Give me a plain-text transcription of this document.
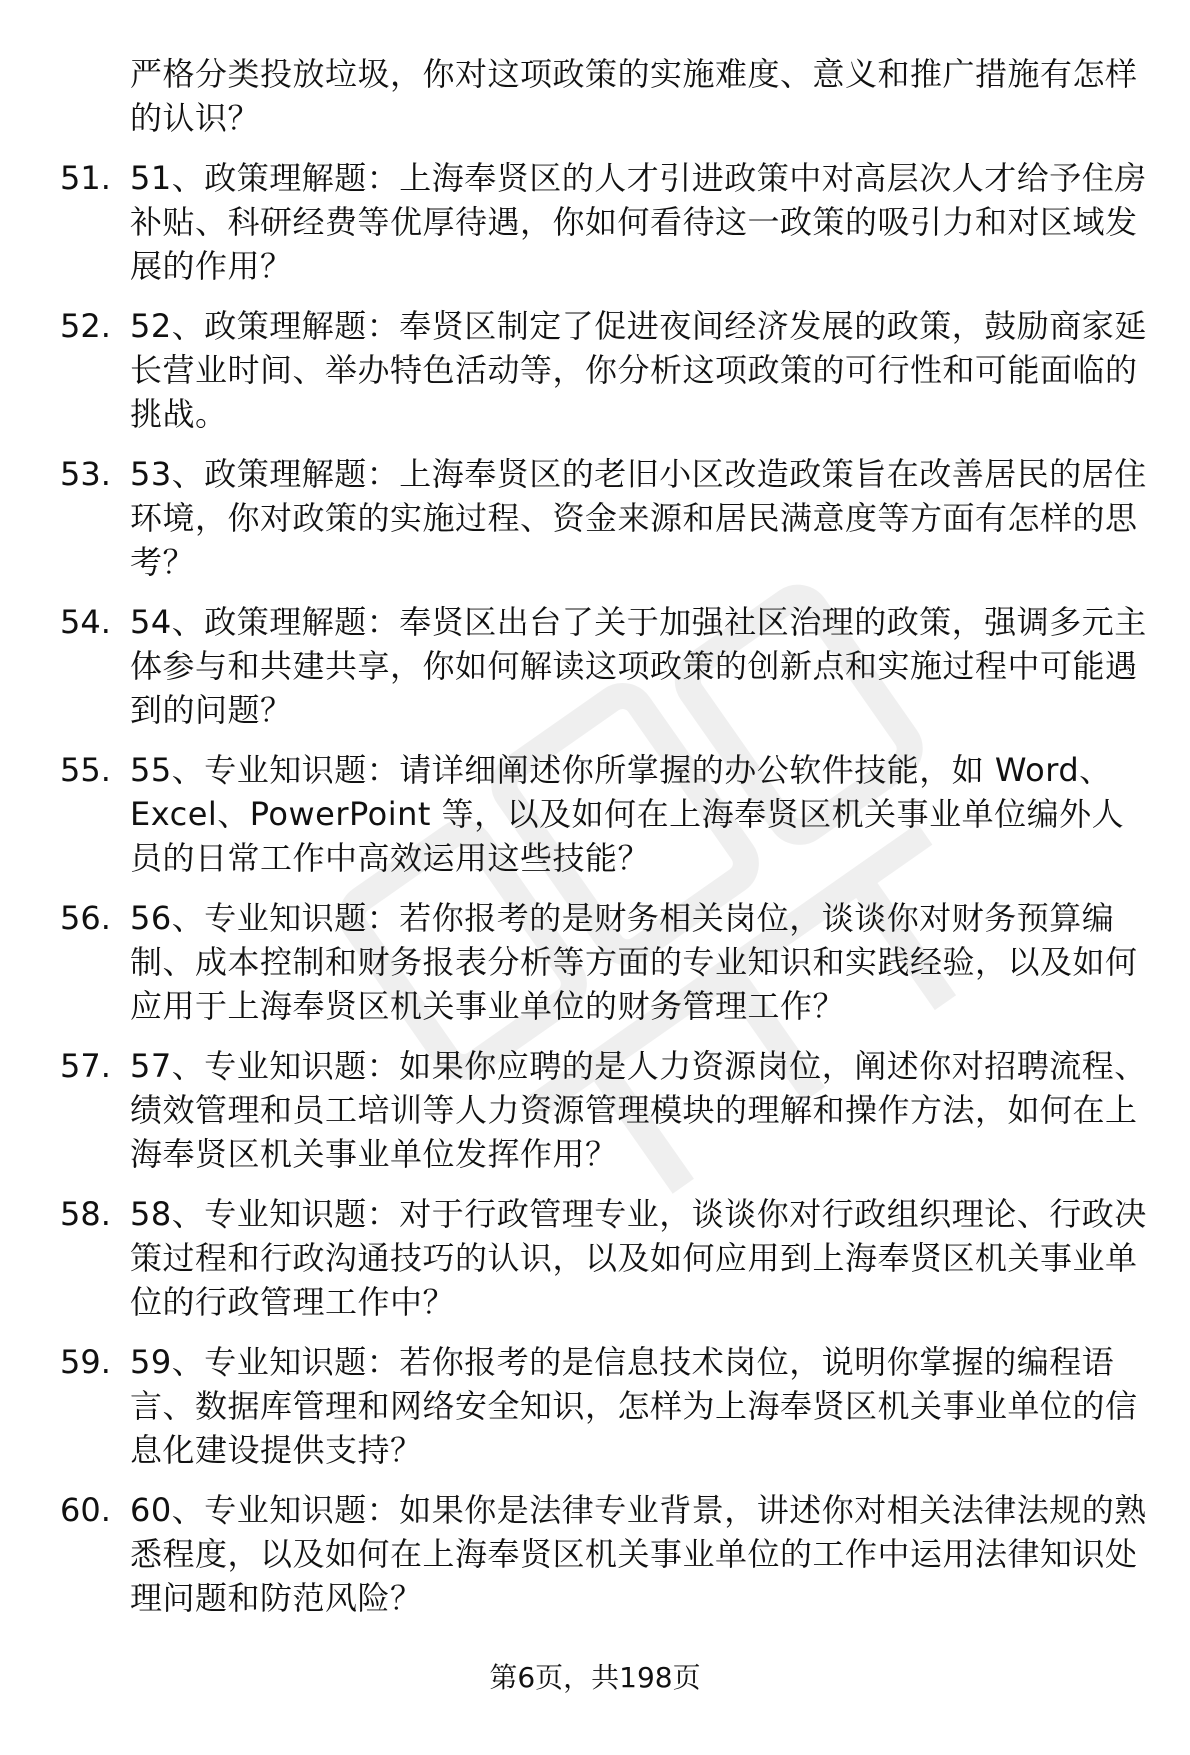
严格分类投放垃圾，你对这项政策的实施难度、意义和推广措施有怎样的认识？
51. 51、政策理解题：上海奉贤区的人才引进政策中对高层次人才给予住房补贴、科研经费等优厚待遇，你如何看待这一政策的吸引力和对区域发展的作用？
52. 52、政策理解题：奉贤区制定了促进夜间经济发展的政策，鼓励商家延长营业时间、举办特色活动等，你分析这项政策的可行性和可能面临的挑战。
53. 53、政策理解题：上海奉贤区的老旧小区改造政策旨在改善居民的居住环境，你对政策的实施过程、资金来源和居民满意度等方面有怎样的思考？
54. 54、政策理解题：奉贤区出台了关于加强社区治理的政策，强调多元主体参与和共建共享，你如何解读这项政策的创新点和实施过程中可能遇到的问题？
55. 55、专业知识题：请详细阐述你所掌握的办公软件技能，如 Word、Excel、PowerPoint 等，以及如何在上海奉贤区机关事业单位编外人员的日常工作中高效运用这些技能？
56. 56、专业知识题：若你报考的是财务相关岗位，谈谈你对财务预算编制、成本控制和财务报表分析等方面的专业知识和实践经验，以及如何应用于上海奉贤区机关事业单位的财务管理工作？
57. 57、专业知识题：如果你应聘的是人力资源岗位，阐述你对招聘流程、绩效管理和员工培训等人力资源管理模块的理解和操作方法，如何在上海奉贤区机关事业单位发挥作用？
58. 58、专业知识题：对于行政管理专业，谈谈你对行政组织理论、行政决策过程和行政沟通技巧的认识，以及如何应用到上海奉贤区机关事业单位的行政管理工作中？
59. 59、专业知识题：若你报考的是信息技术岗位，说明你掌握的编程语言、数据库管理和网络安全知识，怎样为上海奉贤区机关事业单位的信息化建设提供支持？
60. 60、专业知识题：如果你是法律专业背景，讲述你对相关法律法规的熟悉程度，以及如何在上海奉贤区机关事业单位的工作中运用法律知识处理问题和防范风险？
第6页，共198页
